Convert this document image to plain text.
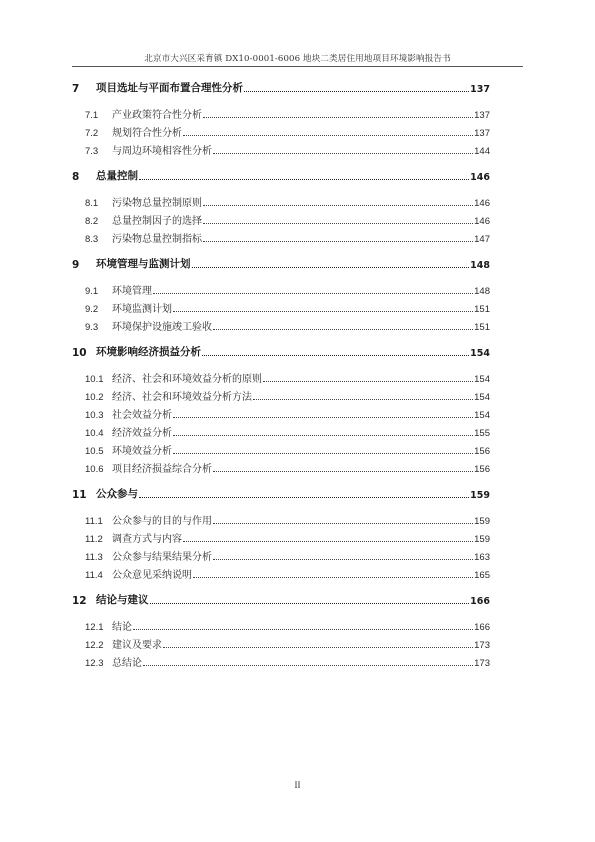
北京市大兴区采育镇 DX10-0001-6006 地块二类居住用地项目环境影响报告书
7	项目选址与平面布置合理性分析	137
7.1	产业政策符合性分析	137
7.2	规划符合性分析	137
7.3	与周边环境相容性分析	144
8	总量控制	146
8.1	污染物总量控制原则	146
8.2	总量控制因子的选择	146
8.3	污染物总量控制指标	147
9	环境管理与监测计划	148
9.1	环境管理	148
9.2	环境监测计划	151
9.3	环境保护设施竣工验收	151
10 环境影响经济损益分析	154
10.1 经济、社会和环境效益分析的原则	154
10.2 经济、社会和环境效益分析方法	154
10.3 社会效益分析	154
10.4 经济效益分析	155
10.5 环境效益分析	156
10.6 项目经济损益综合分析	156
11 公众参与	159
11.1 公众参与的目的与作用	159
11.2 调查方式与内容	159
11.3 公众参与结果结果分析	163
11.4 公众意见采纳说明	165
12 结论与建议	166
12.1 结论	166
12.2 建议及要求	173
12.3 总结论	173
II
